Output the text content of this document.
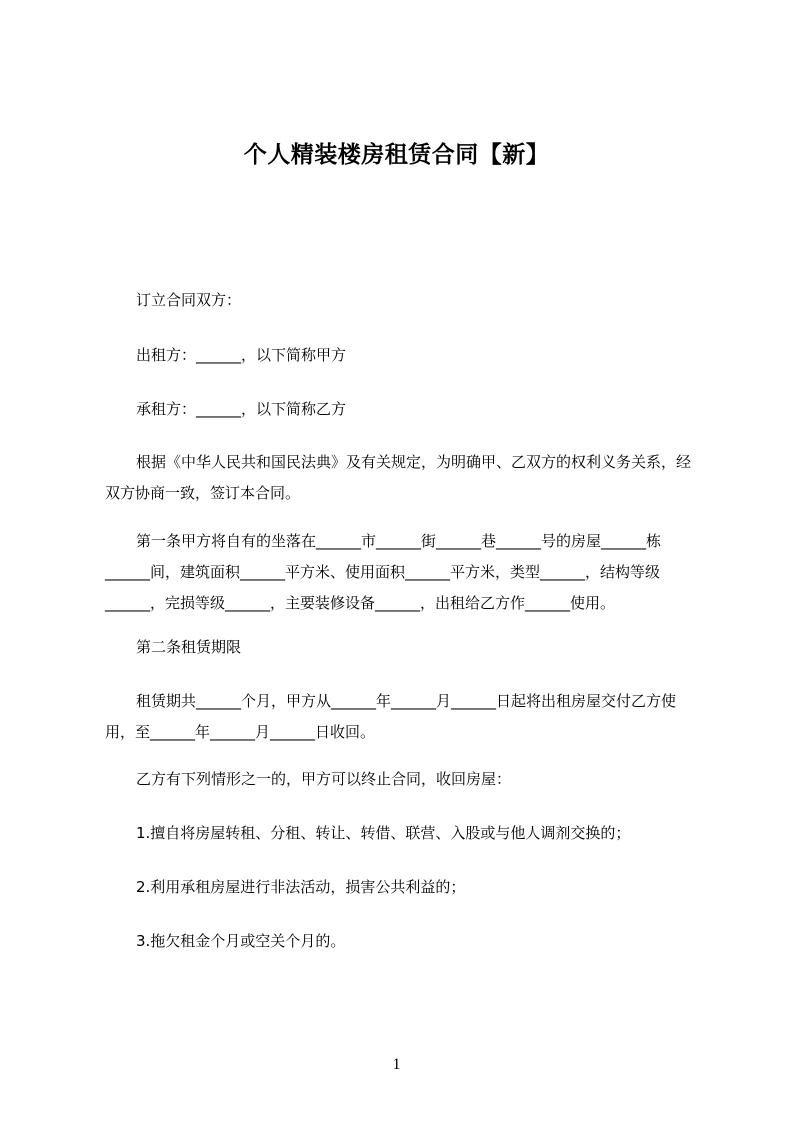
个人精装楼房租赁合同【新】
订立合同双方：
出租方：______，以下简称甲方
承租方：______，以下简称乙方
根据《中华人民共和国民法典》及有关规定，为明确甲、乙双方的权利义务关系，经双方协商一致，签订本合同。
第一条甲方将自有的坐落在______市______街______巷______号的房屋______栋______间，建筑面积______平方米、使用面积______平方米，类型______，结构等级______，完损等级______，主要装修设备______，出租给乙方作______使用。
第二条租赁期限
租赁期共______个月，甲方从______年______月______日起将出租房屋交付乙方使用，至______年______月______日收回。
乙方有下列情形之一的，甲方可以终止合同，收回房屋：
1.擅自将房屋转租、分租、转让、转借、联营、入股或与他人调剂交换的；
2.利用承租房屋进行非法活动，损害公共利益的；
3.拖欠租金个月或空关个月的。
1
